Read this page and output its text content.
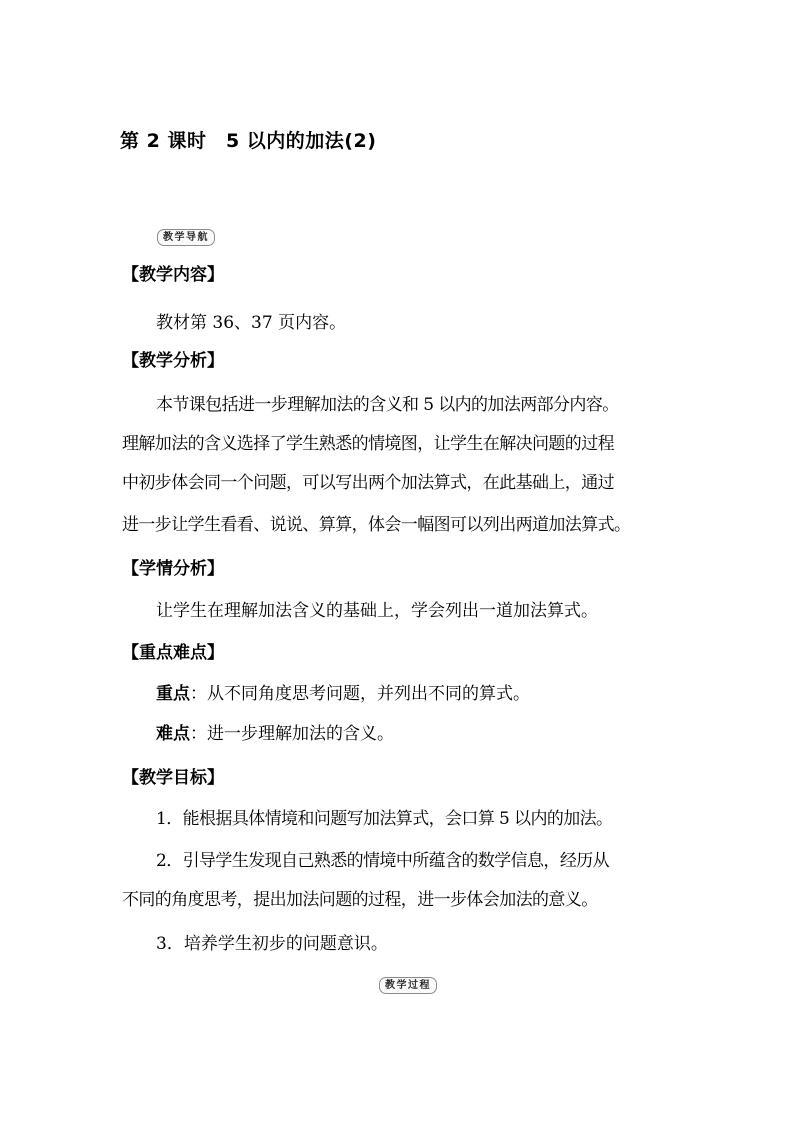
第 2 课时　5 以内的加法(2)
教学导航

【教学内容】

教材第 36、37 页内容。

【教学分析】

本节课包括进一步理解加法的含义和 5 以内的加法两部分内容。

理解加法的含义选择了学生熟悉的情境图，让学生在解决问题的过程

中初步体会同一个问题，可以写出两个加法算式，在此基础上，通过

进一步让学生看看、说说、算算，体会一幅图可以列出两道加法算式。

【学情分析】

让学生在理解加法含义的基础上，学会列出一道加法算式。

【重点难点】

重点：从不同角度思考问题，并列出不同的算式。

难点：进一步理解加法的含义。

【教学目标】

1．能根据具体情境和问题写加法算式，会口算 5 以内的加法。

2．引导学生发现自己熟悉的情境中所蕴含的数学信息，经历从

不同的角度思考，提出加法问题的过程，进一步体会加法的意义。

3．培养学生初步的问题意识。

教学过程
